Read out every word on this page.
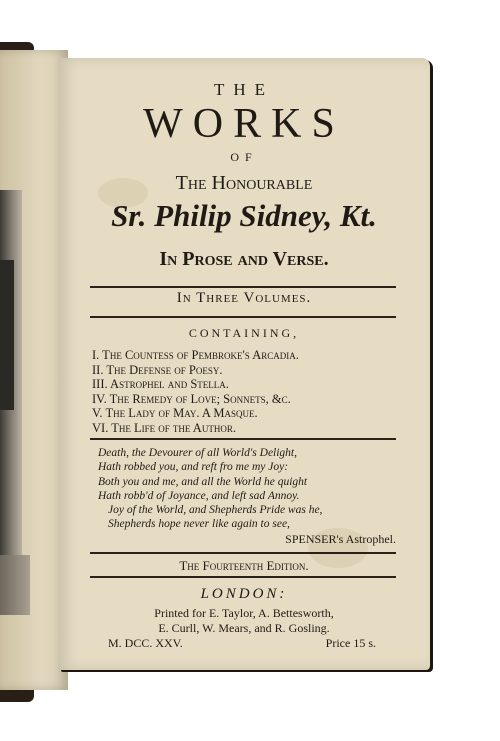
THE
WORKS
OF
The Honourable
Sr. Philip Sidney, Kt.
In Prose and Verse.
In Three Volumes.
CONTAINING,
I. The Countess of Pembroke's Arcadia.
II. The Defense of Poesy.
III. Astrophel and Stella.
IV. The Remedy of Love; Sonnets, &c.
V. The Lady of May. A Masque.
VI. The Life of the Author.
Death, the Devourer of all World's Delight,
Hath robbed you, and reft fro me my Joy:
Both you and me, and all the World he quight
Hath robb'd of Joyance, and left sad Annoy.
Joy of the World, and Shepherds Pride was he,
Shepherds hope never like again to see,
SPENSER's Astrophel.
The Fourteenth Edition.
LONDON:
Printed for E. Taylor, A. Bettesworth,
E. Curll, W. Mears, and R. Gosling.
M. DCC. XXV.	Price 15 s.
